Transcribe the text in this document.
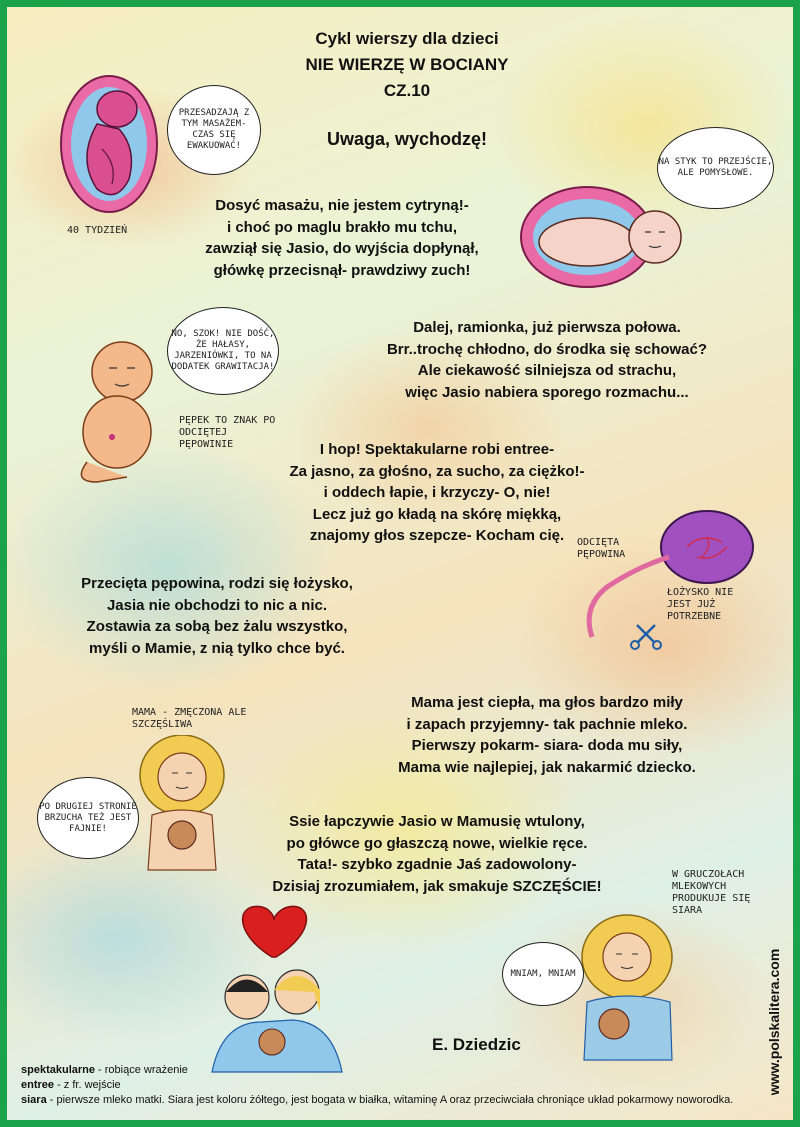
Cykl wierszy dla dzieci
NIE WIERZĘ W BOCIANY
CZ.10
Uwaga, wychodzę!
Dosyć masażu, nie jestem cytryną!-
i choć po maglu brakło mu tchu,
zawziął się Jasio, do wyjścia dopłynął,
główkę przecisnął- prawdziwy zuch!
Dalej, ramionka, już pierwsza połowa.
Brr..trochę chłodno, do środka się schować?
Ale ciekawość silniejsza od strachu,
więc Jasio nabiera sporego rozmachu...
I hop! Spektakularne robi entree-
Za jasno, za głośno, za sucho, za ciężko!-
i oddech łapie, i krzyczy- O, nie!
Lecz już go kładą na skórę miękką,
znajomy głos szepcze- Kocham cię.
Przecięta pępowina, rodzi się łożysko,
Jasia nie obchodzi to nic a nic.
Zostawia za sobą bez żalu wszystko,
myśli o Mamie, z nią tylko chce być.
Mama jest ciepła, ma głos bardzo miły
i zapach przyjemny- tak pachnie mleko.
Pierwszy pokarm- siara- doda mu siły,
Mama wie najlepiej, jak nakarmić dziecko.
Ssie łapczywie Jasio w Mamusię wtulony,
po główce go głaszczą nowe, wielkie ręce.
Tata!- szybko zgadnie Jaś zadowolony-
Dzisiaj zrozumiałem, jak smakuje SZCZĘŚCIE!
PRZESADZAJĄ Z TYM MASAŻEM- CZAS SIĘ EWAKUOWAĆ!
40 TYDZIEŃ
NA STYK TO PRZEJŚCIE, ALE POMYSŁOWE.
NO, SZOK! NIE DOŚĆ, ŻE HAŁASY, JARZENIÓWKI, TO NA DODATEK GRAWITACJA!
PĘPEK TO ZNAK PO ODCIĘTEJ PĘPOWINIE
ODCIĘTA PĘPOWINA
ŁOŻYSKO NIE JEST JUŻ POTRZEBNE
MAMA - ZMĘCZONA ALE SZCZĘŚLIWA
PO DRUGIEJ STRONIE BRZUCHA TEŻ JEST FAJNIE!
MNIAM, MNIAM
W GRUCZOŁACH MLEKOWYCH PRODUKUJE SIĘ SIARA
E. Dziedzic	www.polskalitera.com
spektakularne - robiące wrażenie
entree - z fr. wejście
siara - pierwsze mleko matki. Siara jest koloru żółtego, jest bogata w białka, witaminę A oraz przeciwciała chroniące układ pokarmowy noworodka.
